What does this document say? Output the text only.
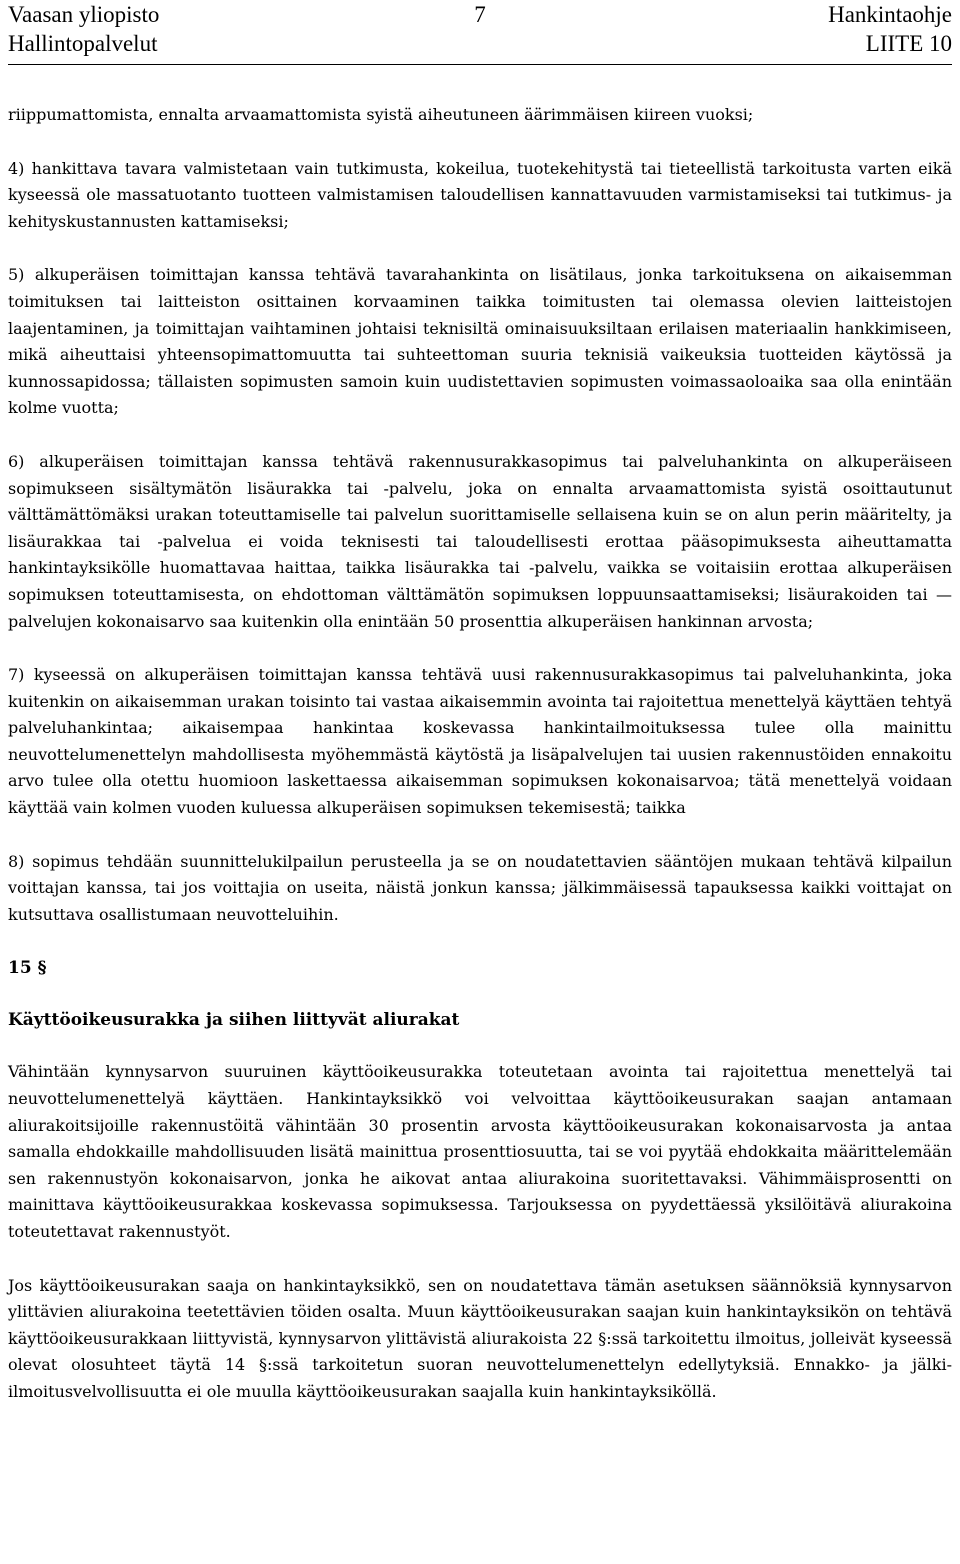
Vaasan yliopisto	7	Hankintaohje
Hallintopalvelut	LIITE 10

riippumattomista, ennalta arvaamattomista syistä aiheutuneen äärimmäisen kiireen vuoksi;

4) hankittava tavara valmistetaan vain tutkimusta, kokeilua, tuotekehitystä tai tieteellistä tarkoitusta varten eikä kyseessä ole massatuotanto tuotteen valmistamisen taloudellisen kannattavuuden varmistamiseksi tai tutkimus- ja kehityskustannusten kattamiseksi;

5) alkuperäisen toimittajan kanssa tehtävä tavarahankinta on lisätilaus, jonka tarkoituksena on aikaisemman toimituksen tai laitteiston osittainen korvaaminen taikka toimitusten tai olemassa olevien laitteistojen laajentaminen, ja toimittajan vaihtaminen johtaisi teknisiltä ominaisuuksiltaan erilaisen materiaalin hankkimiseen, mikä aiheuttaisi yhteensopimattomuutta tai suhteettoman suuria teknisiä vaikeuksia tuotteiden käytössä ja kunnossapidossa; tällaisten sopimusten samoin kuin uudistettavien sopimusten voimassaoloaika saa olla enintään kolme vuotta;

6) alkuperäisen toimittajan kanssa tehtävä rakennusurakkasopimus tai palveluhankinta on alkuperäiseen sopimukseen sisältymätön lisäurakka tai -palvelu, joka on ennalta arvaamattomista syistä osoittautunut välttämättömäksi urakan toteuttamiselle tai palvelun suorittamiselle sellaisena kuin se on alun perin määritelty, ja lisäurakkaa tai -palvelua ei voida teknisesti tai taloudellisesti erottaa pääsopimuksesta aiheuttamatta hankintayksikölle huomattavaa haittaa, taikka lisäurakka tai -palvelu, vaikka se voitaisiin erottaa alkuperäisen sopimuksen toteuttamisesta, on ehdottoman välttämätön sopimuksen loppuunsaattamiseksi; lisäurakoiden tai — palvelujen kokonaisarvo saa kuitenkin olla enintään 50 prosenttia alkuperäisen hankinnan arvosta;

7) kyseessä on alkuperäisen toimittajan kanssa tehtävä uusi rakennusurakkasopimus tai palveluhankinta, joka kuitenkin on aikaisemman urakan toisinto tai vastaa aikaisemmin avointa tai rajoitettua menettelyä käyttäen tehtyä palveluhankintaa; aikaisempaa hankintaa koskevassa hankintailmoituksessa tulee olla mainittu neuvottelumenettelyn mahdollisesta myöhemmästä käytöstä ja lisäpalvelujen tai uusien rakennustöiden ennakoitu arvo tulee olla otettu huomioon laskettaessa aikaisemman sopimuksen kokonaisarvoa; tätä menettelyä voidaan käyttää vain kolmen vuoden kuluessa alkuperäisen sopimuksen tekemisestä; taikka

8) sopimus tehdään suunnittelukilpailun perusteella ja se on noudatettavien sääntöjen mukaan tehtävä kilpailun voittajan kanssa, tai jos voittajia on useita, näistä jonkun kanssa; jälkimmäisessä tapauksessa kaikki voittajat on kutsuttava osallistumaan neuvotteluihin.

15 §
Käyttöoikeusurakka ja siihen liittyvät aliurakat

Vähintään kynnysarvon suuruinen käyttöoikeusurakka toteutetaan avointa tai rajoitettua menettelyä tai neuvottelumenettelyä käyttäen. Hankintayksikkö voi velvoittaa käyttöoikeusurakan saajan antamaan aliurakoitsijoille rakennustöitä vähintään 30 prosentin arvosta käyttöoikeusurakan kokonaisarvosta ja antaa samalla ehdokkaille mahdollisuuden lisätä mainittua prosenttiosuutta, tai se voi pyytää ehdokkaita määrittelemään sen rakennustyön kokonaisarvon, jonka he aikovat antaa aliurakoina suoritettavaksi. Vähimmäisprosentti on mainittava käyttöoikeusurakkaa koskevassa sopimuksessa. Tarjouksessa on pyydettäessä yksilöitävä aliurakoina toteutettavat rakennustyöt.

Jos käyttöoikeusurakan saaja on hankintayksikkö, sen on noudatettava tämän asetuksen säännöksiä kynnysarvon ylittävien aliurakoina teetettävien töiden osalta. Muun käyttöoikeusurakan saajan kuin hankintayksikön on tehtävä käyttöoikeusurakkaan liittyvistä, kynnysarvon ylittävistä aliurakoista 22 §:ssä tarkoitettu ilmoitus, jolleivät kyseessä olevat olosuhteet täytä 14 §:ssä tarkoitetun suoran neuvottelumenettelyn edellytyksiä. Ennakko- ja jälki-ilmoitusvelvollisuutta ei ole muulla käyttöoikeusurakan saajalla kuin hankintayksiköllä.
